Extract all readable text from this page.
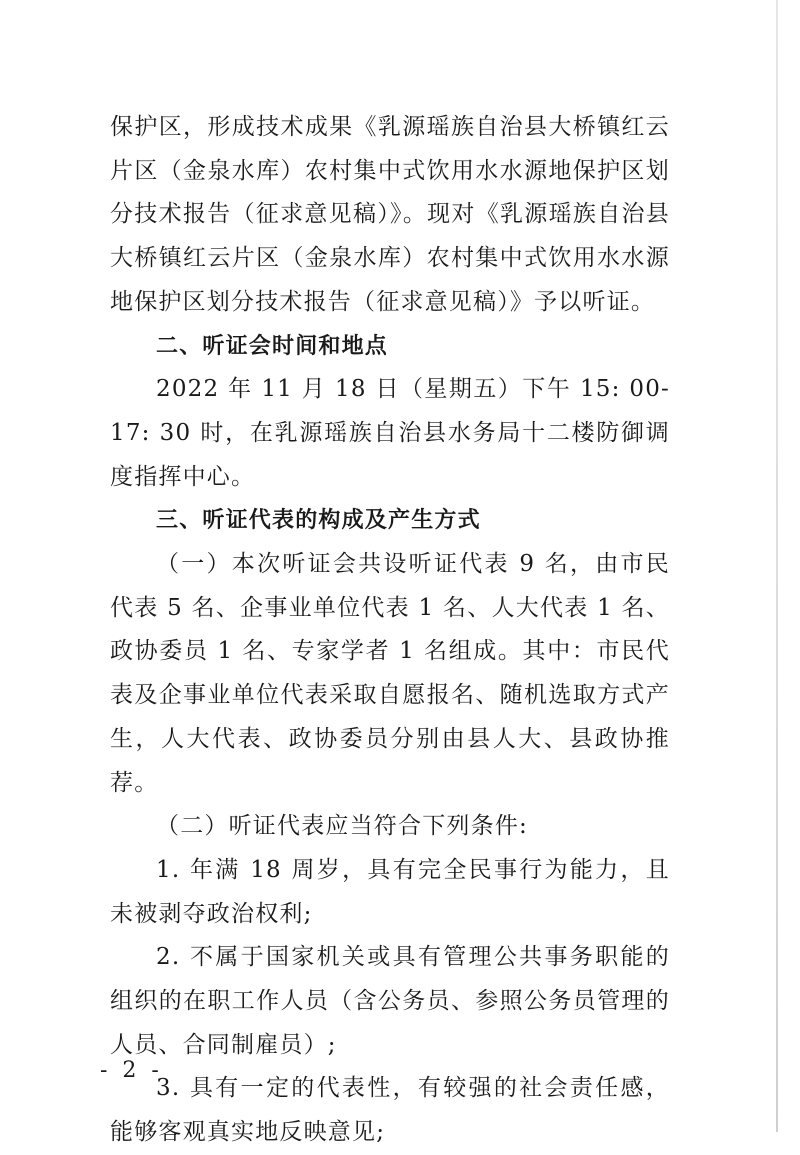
保护区，形成技术成果《乳源瑶族自治县大桥镇红云片区（金泉水库）农村集中式饮用水水源地保护区划分技术报告（征求意见稿）》。现对《乳源瑶族自治县大桥镇红云片区（金泉水库）农村集中式饮用水水源地保护区划分技术报告（征求意见稿）》予以听证。

二、听证会时间和地点

2022 年 11 月 18 日（星期五）下午 15: 00-17: 30 时，在乳源瑶族自治县水务局十二楼防御调度指挥中心。

三、听证代表的构成及产生方式

（一）本次听证会共设听证代表 9 名，由市民代表 5 名、企事业单位代表 1 名、人大代表 1 名、政协委员 1 名、专家学者 1 名组成。其中：市民代表及企事业单位代表采取自愿报名、随机选取方式产生，人大代表、政协委员分别由县人大、县政协推荐。

（二）听证代表应当符合下列条件:

1. 年满 18 周岁，具有完全民事行为能力，且未被剥夺政治权利;

2. 不属于国家机关或具有管理公共事务职能的组织的在职工作人员（含公务员、参照公务员管理的人员、合同制雇员）;

3. 具有一定的代表性，有较强的社会责任感，能够客观真实地反映意见;

- 2 -
